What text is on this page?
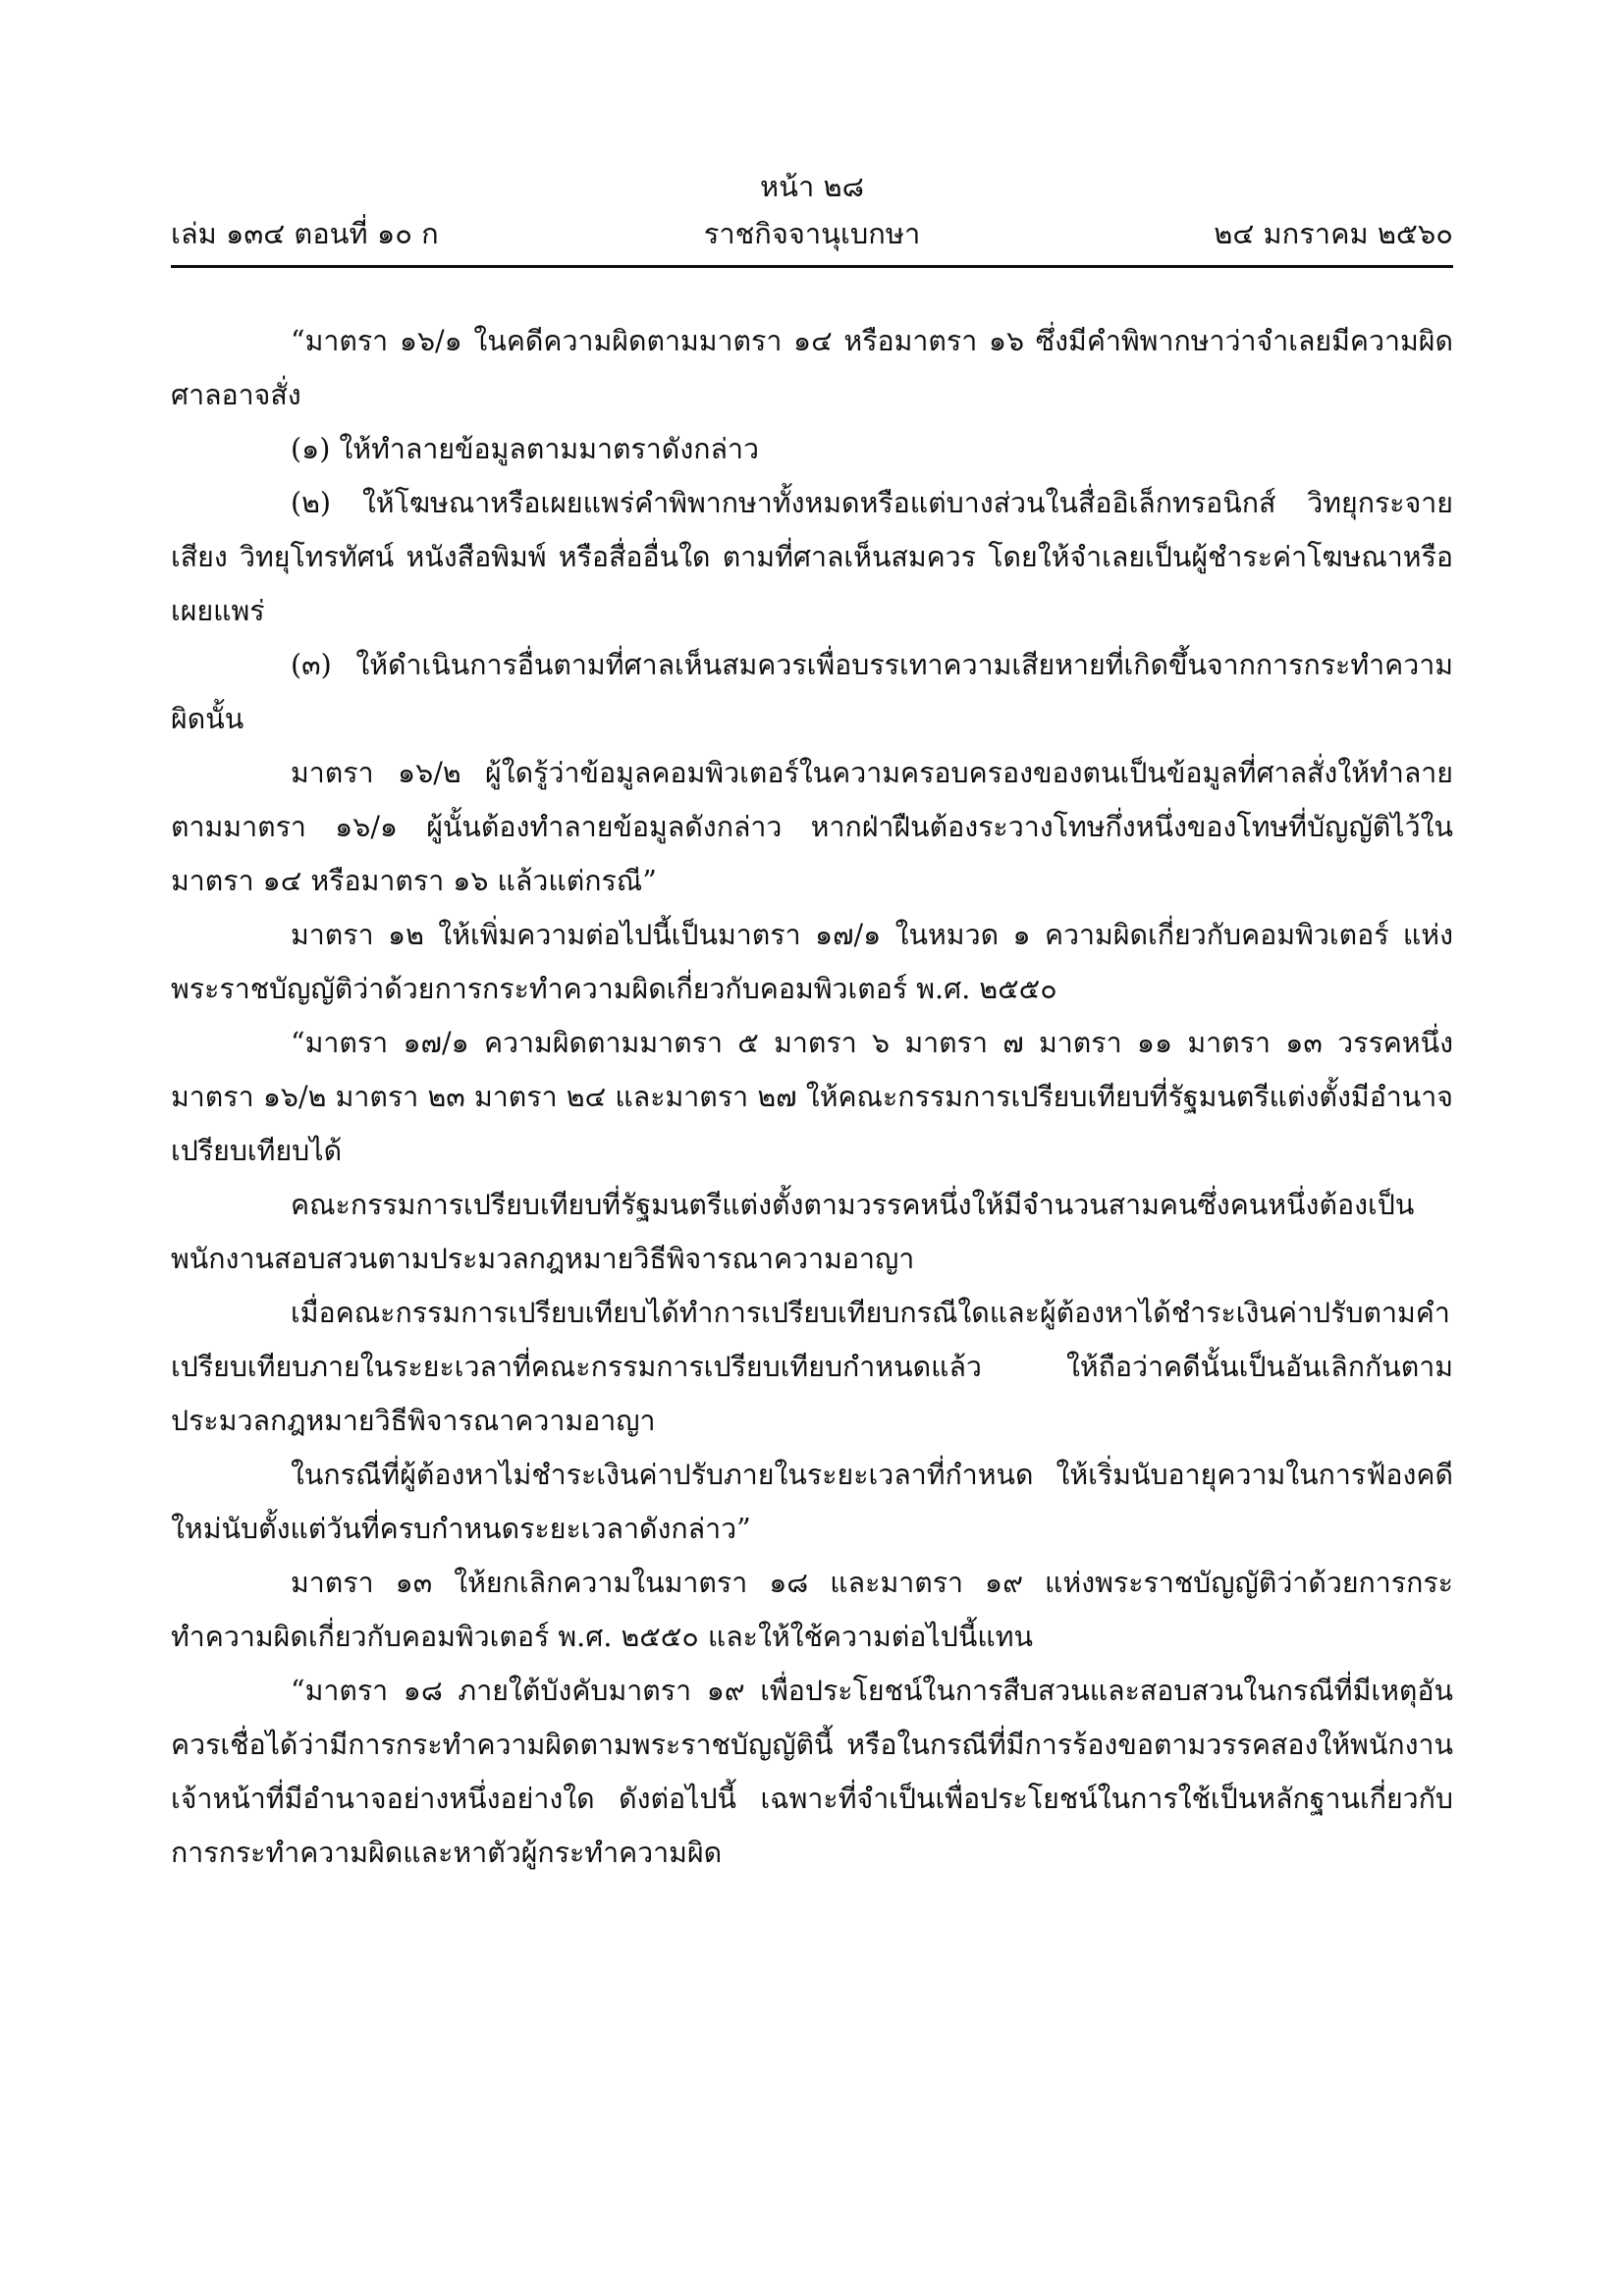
หน้า ๒๘
เล่ม ๑๓๔ ตอนที่ ๑๐ ก	ราชกิจจานุเบกษา	๒๔ มกราคม ๒๕๖๐

“มาตรา ๑๖/๑ ในคดีความผิดตามมาตรา ๑๔ หรือมาตรา ๑๖ ซึ่งมีคำพิพากษาว่าจำเลยมีความผิด ศาลอาจสั่ง

(๑) ให้ทำลายข้อมูลตามมาตราดังกล่าว

(๒) ให้โฆษณาหรือเผยแพร่คำพิพากษาทั้งหมดหรือแต่บางส่วนในสื่ออิเล็กทรอนิกส์ วิทยุกระจายเสียง วิทยุโทรทัศน์ หนังสือพิมพ์ หรือสื่ออื่นใด ตามที่ศาลเห็นสมควร โดยให้จำเลยเป็นผู้ชำระค่าโฆษณาหรือเผยแพร่

(๓) ให้ดำเนินการอื่นตามที่ศาลเห็นสมควรเพื่อบรรเทาความเสียหายที่เกิดขึ้นจากการกระทำความผิดนั้น

มาตรา ๑๖/๒ ผู้ใดรู้ว่าข้อมูลคอมพิวเตอร์ในความครอบครองของตนเป็นข้อมูลที่ศาลสั่งให้ทำลายตามมาตรา ๑๖/๑ ผู้นั้นต้องทำลายข้อมูลดังกล่าว หากฝ่าฝืนต้องระวางโทษกึ่งหนึ่งของโทษที่บัญญัติไว้ในมาตรา ๑๔ หรือมาตรา ๑๖ แล้วแต่กรณี”

มาตรา ๑๒ ให้เพิ่มความต่อไปนี้เป็นมาตรา ๑๗/๑ ในหมวด ๑ ความผิดเกี่ยวกับคอมพิวเตอร์ แห่งพระราชบัญญัติว่าด้วยการกระทำความผิดเกี่ยวกับคอมพิวเตอร์ พ.ศ. ๒๕๕๐

“มาตรา ๑๗/๑ ความผิดตามมาตรา ๕ มาตรา ๖ มาตรา ๗ มาตรา ๑๑ มาตรา ๑๓ วรรคหนึ่ง มาตรา ๑๖/๒ มาตรา ๒๓ มาตรา ๒๔ และมาตรา ๒๗ ให้คณะกรรมการเปรียบเทียบที่รัฐมนตรีแต่งตั้งมีอำนาจเปรียบเทียบได้

คณะกรรมการเปรียบเทียบที่รัฐมนตรีแต่งตั้งตามวรรคหนึ่งให้มีจำนวนสามคนซึ่งคนหนึ่งต้องเป็นพนักงานสอบสวนตามประมวลกฎหมายวิธีพิจารณาความอาญา

เมื่อคณะกรรมการเปรียบเทียบได้ทำการเปรียบเทียบกรณีใดและผู้ต้องหาได้ชำระเงินค่าปรับตามคำเปรียบเทียบภายในระยะเวลาที่คณะกรรมการเปรียบเทียบกำหนดแล้ว ให้ถือว่าคดีนั้นเป็นอันเลิกกันตามประมวลกฎหมายวิธีพิจารณาความอาญา

ในกรณีที่ผู้ต้องหาไม่ชำระเงินค่าปรับภายในระยะเวลาที่กำหนด ให้เริ่มนับอายุความในการฟ้องคดีใหม่นับตั้งแต่วันที่ครบกำหนดระยะเวลาดังกล่าว”

มาตรา ๑๓ ให้ยกเลิกความในมาตรา ๑๘ และมาตรา ๑๙ แห่งพระราชบัญญัติว่าด้วยการกระทำความผิดเกี่ยวกับคอมพิวเตอร์ พ.ศ. ๒๕๕๐ และให้ใช้ความต่อไปนี้แทน

“มาตรา ๑๘ ภายใต้บังคับมาตรา ๑๙ เพื่อประโยชน์ในการสืบสวนและสอบสวนในกรณีที่มีเหตุอันควรเชื่อได้ว่ามีการกระทำความผิดตามพระราชบัญญัตินี้ หรือในกรณีที่มีการร้องขอตามวรรคสองให้พนักงานเจ้าหน้าที่มีอำนาจอย่างหนึ่งอย่างใด ดังต่อไปนี้ เฉพาะที่จำเป็นเพื่อประโยชน์ในการใช้เป็นหลักฐานเกี่ยวกับการกระทำความผิดและหาตัวผู้กระทำความผิด
